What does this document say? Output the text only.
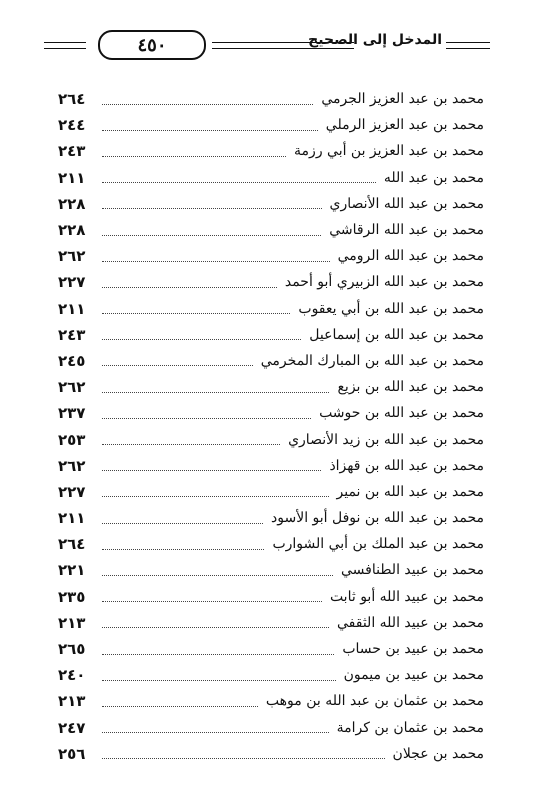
٤٥٠	المدخل إلى الصحيح
محمد بن عبد العزيز الجرمي
٢٦٤
محمد بن عبد العزيز الرملي
٢٤٤
محمد بن عبد العزيز بن أبي رزمة
٢٤٣
محمد بن عبد الله
٢١١
محمد بن عبد الله الأنصاري
٢٢٨
محمد بن عبد الله الرقاشي
٢٢٨
محمد بن عبد الله الرومي
٢٦٢
محمد بن عبد الله الزبيري أبو أحمد
٢٢٧
محمد بن عبد الله بن أبي يعقوب
٢١١
محمد بن عبد الله بن إسماعيل
٢٤٣
محمد بن عبد الله بن المبارك المخرمي
٢٤٥
محمد بن عبد الله بن بزيع
٢٦٢
محمد بن عبد الله بن حوشب
٢٣٧
محمد بن عبد الله بن زيد الأنصاري
٢٥٣
محمد بن عبد الله بن قهزاذ
٢٦٢
محمد بن عبد الله بن نمير
٢٢٧
محمد بن عبد الله بن نوفل أبو الأسود
٢١١
محمد بن عبد الملك بن أبي الشوارب
٢٦٤
محمد بن عبيد الطنافسي
٢٢١
محمد بن عبيد الله أبو ثابت
٢٣٥
محمد بن عبيد الله الثقفي
٢١٣
محمد بن عبيد بن حساب
٢٦٥
محمد بن عبيد بن ميمون
٢٤٠
محمد بن عثمان بن عبد الله بن موهب
٢١٣
محمد بن عثمان بن كرامة
٢٤٧
محمد بن عجلان
٢٥٦
